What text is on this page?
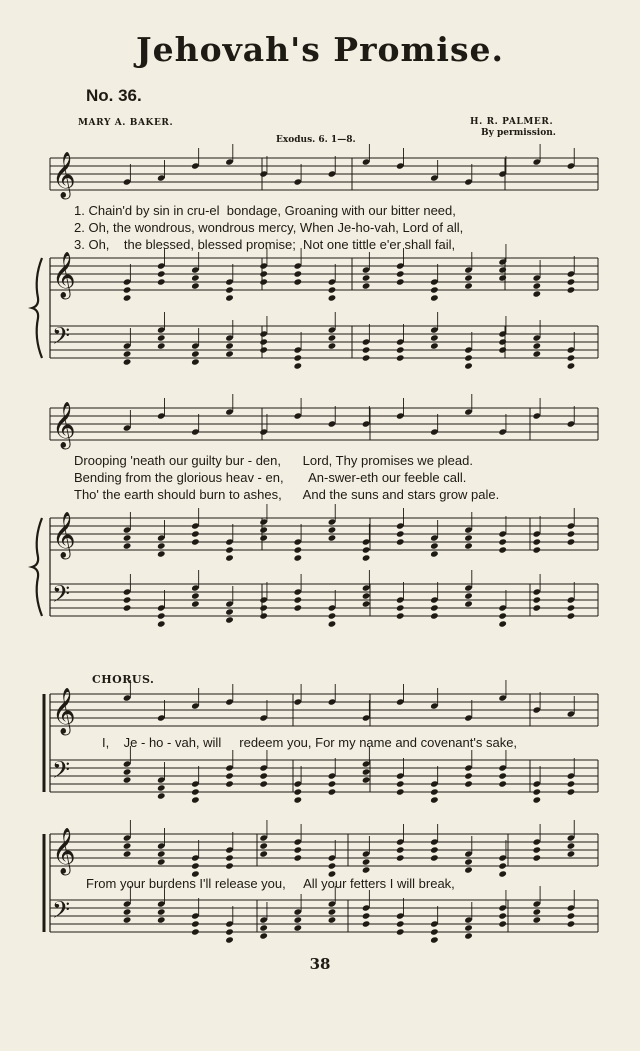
𝄞
𝄞
𝄢
𝄞
𝄞
𝄢
𝄞
𝄢
𝄞
𝄢
Jehovah's Promise.
No. 36.
MARY A. BAKER.	H. R. PALMER.
By permission.
Exodus. 6. 1—8.
1. Chain'd by sin in cru-el  bondage, Groaning with our bitter need,
2. Oh, the wondrous, wondrous mercy, When Je-ho-vah, Lord of all,
3. Oh,    the blessed, blessed promise;  Not one tittle e'er shall fail,
Drooping 'neath our guilty bur - den,      Lord, Thy promises we plead.
Bending from the glorious heav - en,       An-swer-eth our feeble call.
Tho' the earth should burn to ashes,      And the suns and stars grow pale.
CHORUS.
I,    Je - ho - vah, will     redeem you, For my name and covenant's sake,
From your burdens I'll release you,     All your fetters I will break,
38
